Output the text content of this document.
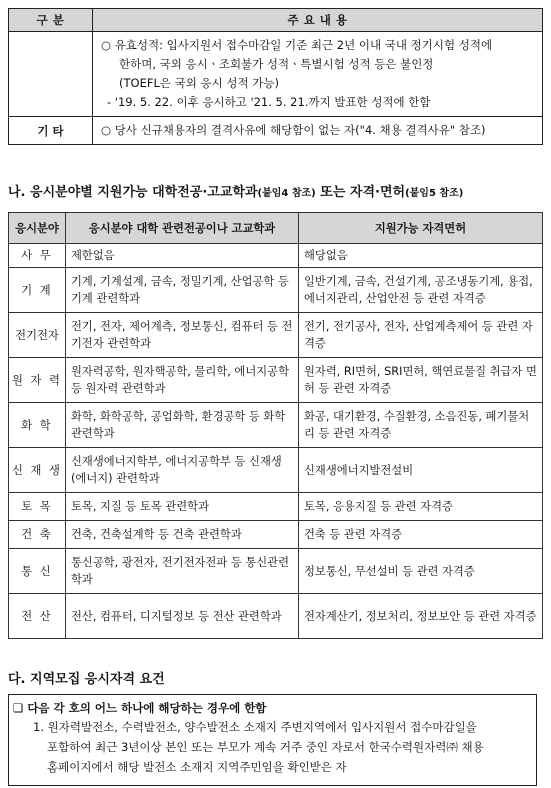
구 분	주 요 내 용

	○ 유효성적: 입사지원서 접수마감일 기준 최근 2년 이내 국내 정기시험 성적에
한하며, 국외 응시ㆍ조회불가 성적ㆍ특별시험 성적 등은 불인정
(TOEFL은 국외 응시 성적 가능)
- '19. 5. 22. 이후 응시하고 '21. 5. 21.까지 발표한 성적에 한함

기 타	○ 당사 신규채용자의 결격사유에 해당함이 없는 자("4. 채용 결격사유" 참조)
나. 응시분야별 지원가능 대학전공·고교학과(붙임4 참조) 또는 자격·면허(붙임5 참조)
응시분야	응시분야 대학 관련전공이나 고교학과	지원가능 자격면허
사 무	제한없음	해당없음
기 계	기계, 기계설계, 금속, 정밀기계, 산업공학 등 기계 관련학과	일반기계, 금속, 건설기계, 공조냉동기계, 용접, 에너지관리, 산업안전 등 관련 자격증
전기전자	전기, 전자, 제어계측, 정보통신, 컴퓨터 등 전기전자 관련학과	전기, 전기공사, 전자, 산업계측제어 등 관련 자격증
원 자 력	원자력공학, 원자핵공학, 물리학, 에너지공학 등 원자력 관련학과	원자력, RI면허, SRI면허, 핵연료물질 취급자 면허 등 관련 자격증
화 학	화학, 화학공학, 공업화학, 환경공학 등 화학 관련학과	화공, 대기환경, 수질환경, 소음진동, 폐기물처리 등 관련 자격증
신 재 생	신재생에너지학부, 에너지공학부 등 신재생(에너지) 관련학과	신재생에너지발전설비
토 목	토목, 지질 등 토목 관련학과	토목, 응용지질 등 관련 자격증
건 축	건축, 건축설계학 등 건축 관련학과	건축 등 관련 자격증
통 신	통신공학, 광전자, 전기전자전파 등 통신관련학과	정보통신, 무선설비 등 관련 자격증
전 산	전산, 컴퓨터, 디지털정보 등 전산 관련학과	전자계산기, 정보처리, 정보보안 등 관련 자격증
다. 지역모집 응시자격 요건
❑ 다음 각 호의 어느 하나에 해당하는 경우에 한함
1. 원자력발전소, 수력발전소, 양수발전소 소재지 주변지역에서 입사지원서 접수마감일을
포함하여 최근 3년이상 본인 또는 부모가 계속 거주 중인 자로서 한국수력원자력㈜ 채용
홈페이지에서 해당 발전소 소재지 지역주민임을 확인받은 자
